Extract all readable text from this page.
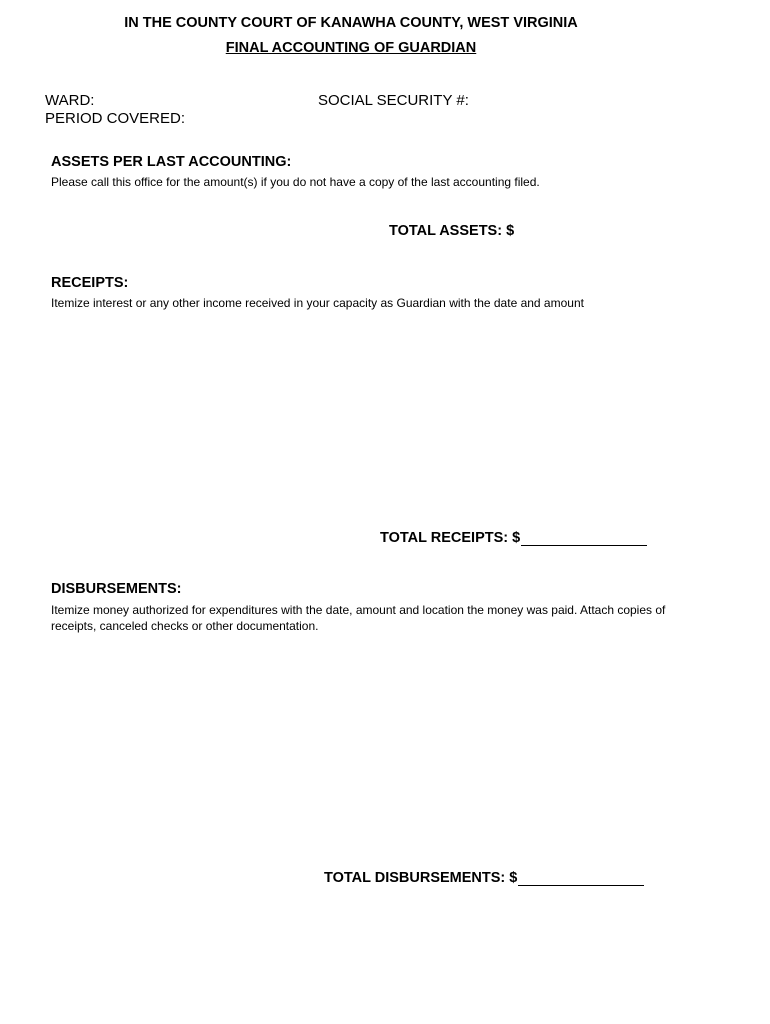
IN THE COUNTY COURT OF KANAWHA COUNTY, WEST VIRGINIA
FINAL ACCOUNTING OF GUARDIAN
WARD:	SOCIAL SECURITY #:
PERIOD COVERED:
ASSETS PER LAST ACCOUNTING:
Please call this office for the amount(s) if you do not have a copy of the last accounting filed.
TOTAL ASSETS: $
RECEIPTS:
Itemize interest or any other income received in your capacity as Guardian with the date and amount
TOTAL RECEIPTS: $
DISBURSEMENTS:
Itemize money authorized for expenditures with the date, amount and location the money was paid. Attach copies of receipts, canceled checks or other documentation.
TOTAL DISBURSEMENTS: $
